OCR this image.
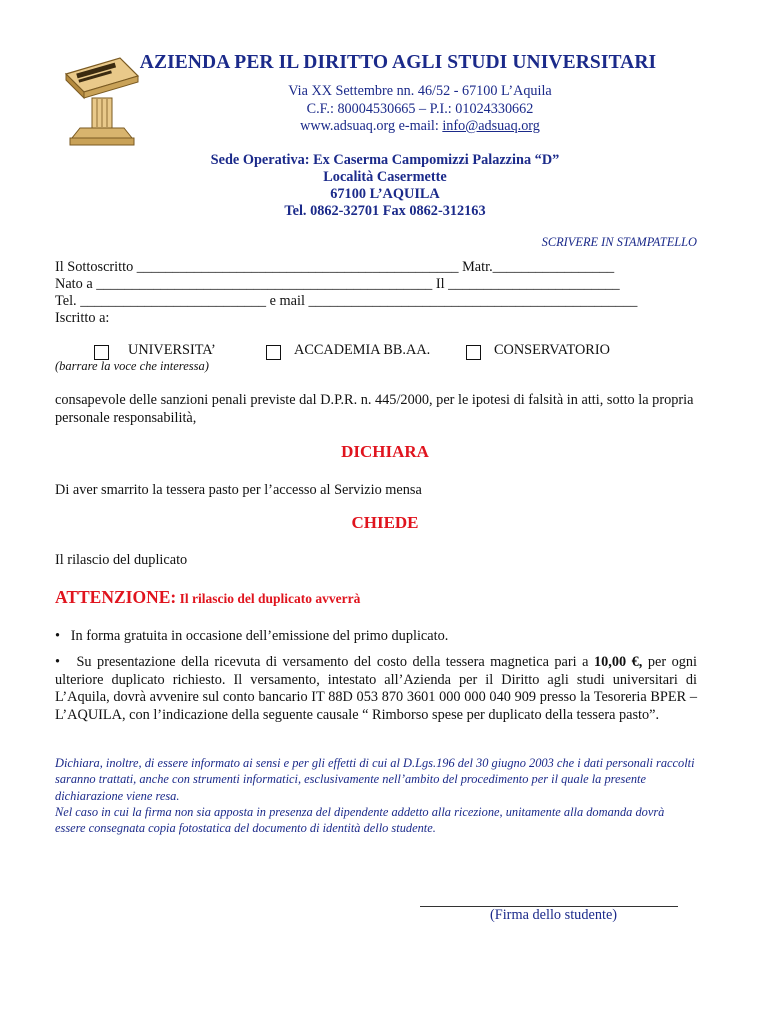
AZIENDA PER IL DIRITTO AGLI STUDI UNIVERSITARI
Via XX Settembre nn. 46/52 - 67100 L’Aquila
C.F.: 80004530665 – P.I.: 01024330662
www.adsuaq.org e-mail: info@adsuaq.org
Sede Operativa: Ex Caserma Campomizzi Palazzina “D”
Località Casermette
67100 L’AQUILA
Tel. 0862-32701 Fax 0862-312163
SCRIVERE IN STAMPATELLO
Il Sottoscritto _____________________________________________ Matr._________________
Nato a _______________________________________________ Il ________________________
Tel. __________________________ e mail ______________________________________________
Iscritto a:
UNIVERSITA’	ACCADEMIA BB.AA.	CONSERVATORIO
(barrare la voce che interessa)
consapevole delle sanzioni penali previste dal D.P.R. n. 445/2000, per le ipotesi di falsità in atti, sotto la propria personale responsabilità,
DICHIARA
Di aver smarrito la tessera pasto per l’accesso al Servizio mensa
CHIEDE
Il rilascio del duplicato
ATTENZIONE: Il rilascio del duplicato avverrà
•   In forma gratuita in occasione dell’emissione del primo duplicato.
•   Su presentazione della ricevuta di versamento del costo della tessera magnetica pari a 10,00 €, per ogni ulteriore duplicato richiesto. Il versamento, intestato all’Azienda per il Diritto agli studi universitari di L’Aquila, dovrà avvenire sul conto bancario IT 88D 053 870 3601 000 000 040 909 presso la Tesoreria BPER – L’AQUILA, con l’indicazione della seguente causale “ Rimborso spese per duplicato della tessera pasto”.
Dichiara, inoltre, di essere informato ai sensi e per gli effetti di cui al D.Lgs.196 del 30 giugno 2003 che i dati personali raccolti saranno trattati, anche con strumenti informatici, esclusivamente nell’ambito del procedimento per il quale la presente dichiarazione viene resa.
Nel caso in cui la firma non sia apposta in presenza del dipendente addetto alla ricezione, unitamente alla domanda dovrà essere consegnata copia fotostatica del documento di identità dello studente.
(Firma dello studente)
